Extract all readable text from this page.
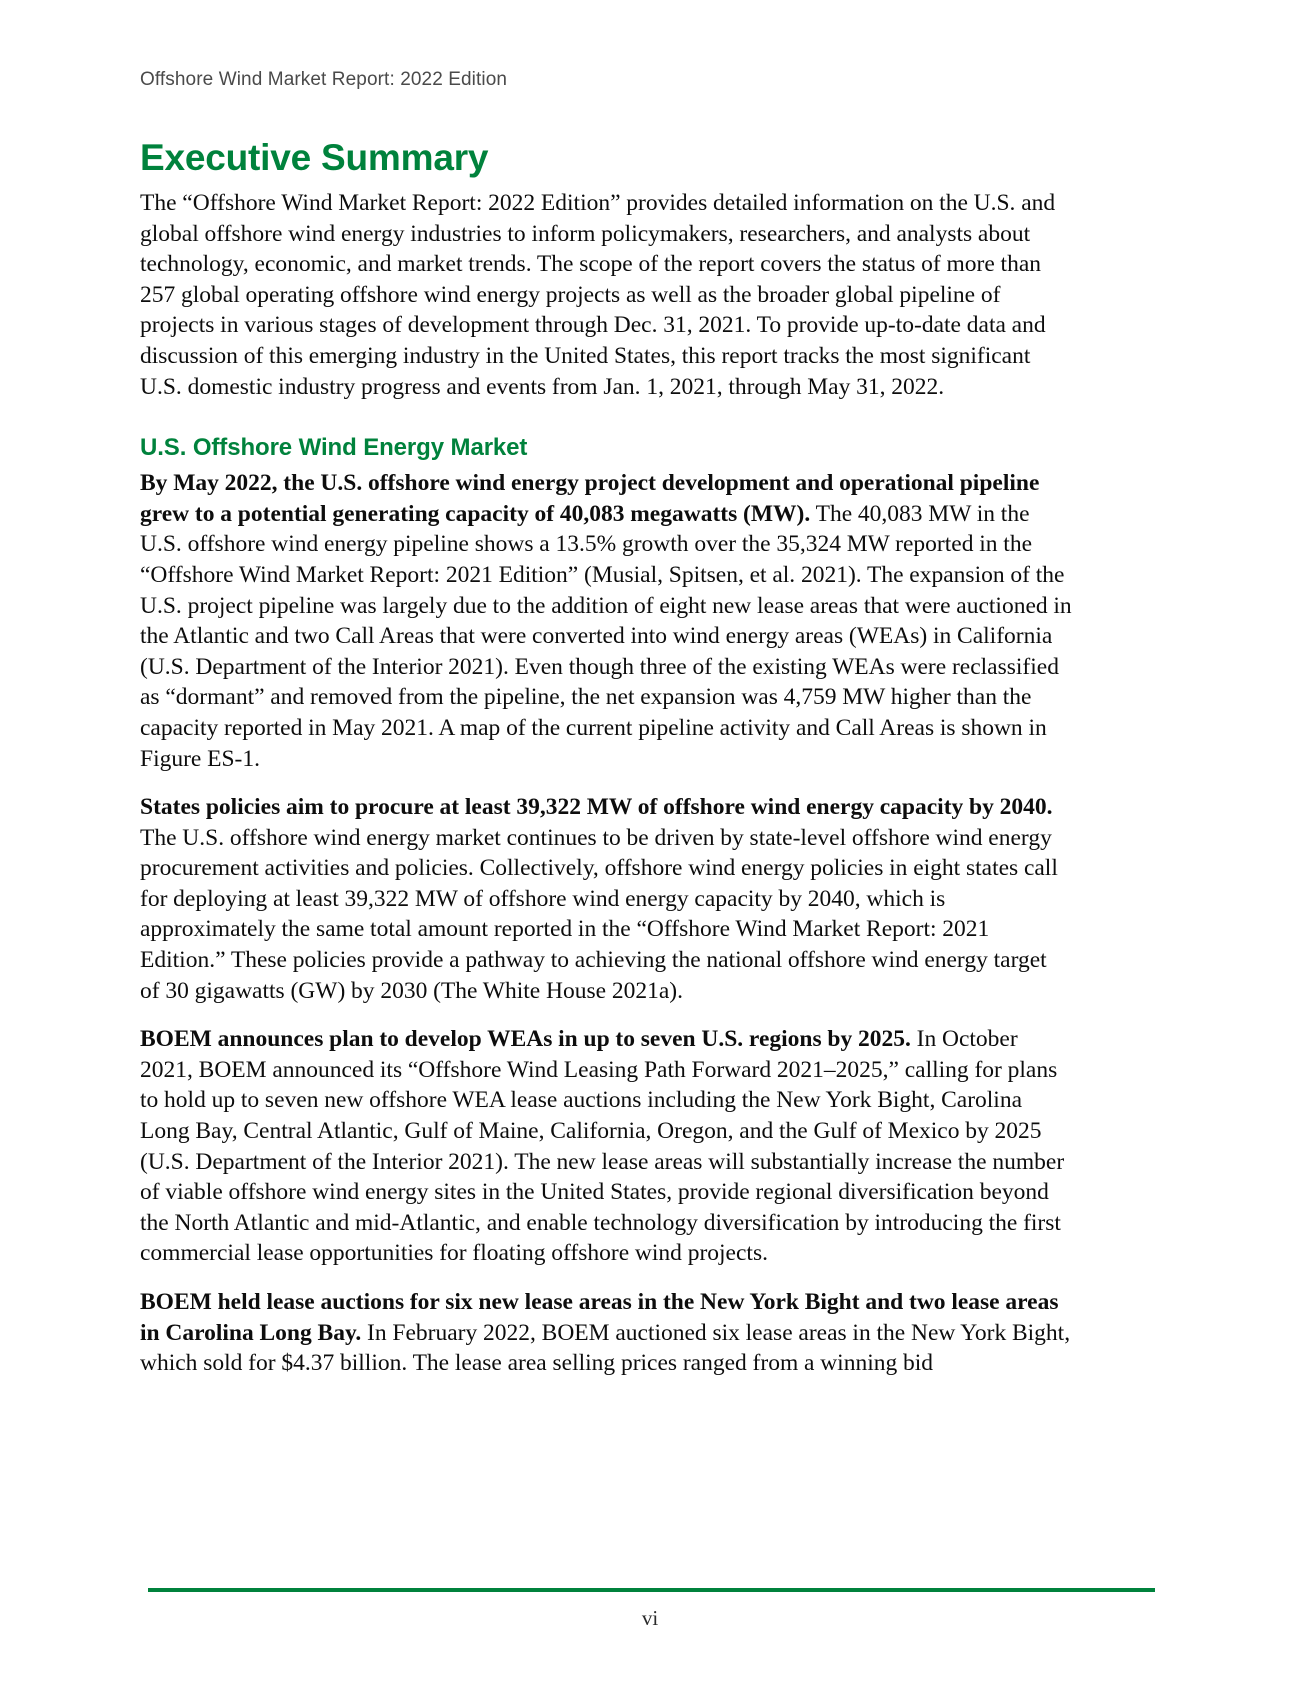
Offshore Wind Market Report: 2022 Edition
Executive Summary

The “Offshore Wind Market Report: 2022 Edition” provides detailed information on the U.S. and global offshore wind energy industries to inform policymakers, researchers, and analysts about technology, economic, and market trends. The scope of the report covers the status of more than 257 global operating offshore wind energy projects as well as the broader global pipeline of projects in various stages of development through Dec. 31, 2021. To provide up-to-date data and discussion of this emerging industry in the United States, this report tracks the most significant U.S. domestic industry progress and events from Jan. 1, 2021, through May 31, 2022.

U.S. Offshore Wind Energy Market

By May 2022, the U.S. offshore wind energy project development and operational pipeline grew to a potential generating capacity of 40,083 megawatts (MW). The 40,083 MW in the U.S. offshore wind energy pipeline shows a 13.5% growth over the 35,324 MW reported in the “Offshore Wind Market Report: 2021 Edition” (Musial, Spitsen, et al. 2021). The expansion of the U.S. project pipeline was largely due to the addition of eight new lease areas that were auctioned in the Atlantic and two Call Areas that were converted into wind energy areas (WEAs) in California (U.S. Department of the Interior 2021). Even though three of the existing WEAs were reclassified as “dormant” and removed from the pipeline, the net expansion was 4,759 MW higher than the capacity reported in May 2021. A map of the current pipeline activity and Call Areas is shown in Figure ES-1.

States policies aim to procure at least 39,322 MW of offshore wind energy capacity by 2040. The U.S. offshore wind energy market continues to be driven by state-level offshore wind energy procurement activities and policies. Collectively, offshore wind energy policies in eight states call for deploying at least 39,322 MW of offshore wind energy capacity by 2040, which is approximately the same total amount reported in the “Offshore Wind Market Report: 2021 Edition.” These policies provide a pathway to achieving the national offshore wind energy target of 30 gigawatts (GW) by 2030 (The White House 2021a).

BOEM announces plan to develop WEAs in up to seven U.S. regions by 2025. In October 2021, BOEM announced its “Offshore Wind Leasing Path Forward 2021–2025,” calling for plans to hold up to seven new offshore WEA lease auctions including the New York Bight, Carolina Long Bay, Central Atlantic, Gulf of Maine, California, Oregon, and the Gulf of Mexico by 2025 (U.S. Department of the Interior 2021). The new lease areas will substantially increase the number of viable offshore wind energy sites in the United States, provide regional diversification beyond the North Atlantic and mid-Atlantic, and enable technology diversification by introducing the first commercial lease opportunities for floating offshore wind projects.

BOEM held lease auctions for six new lease areas in the New York Bight and two lease areas in Carolina Long Bay. In February 2022, BOEM auctioned six lease areas in the New York Bight, which sold for $4.37 billion. The lease area selling prices ranged from a winning bid

vi
